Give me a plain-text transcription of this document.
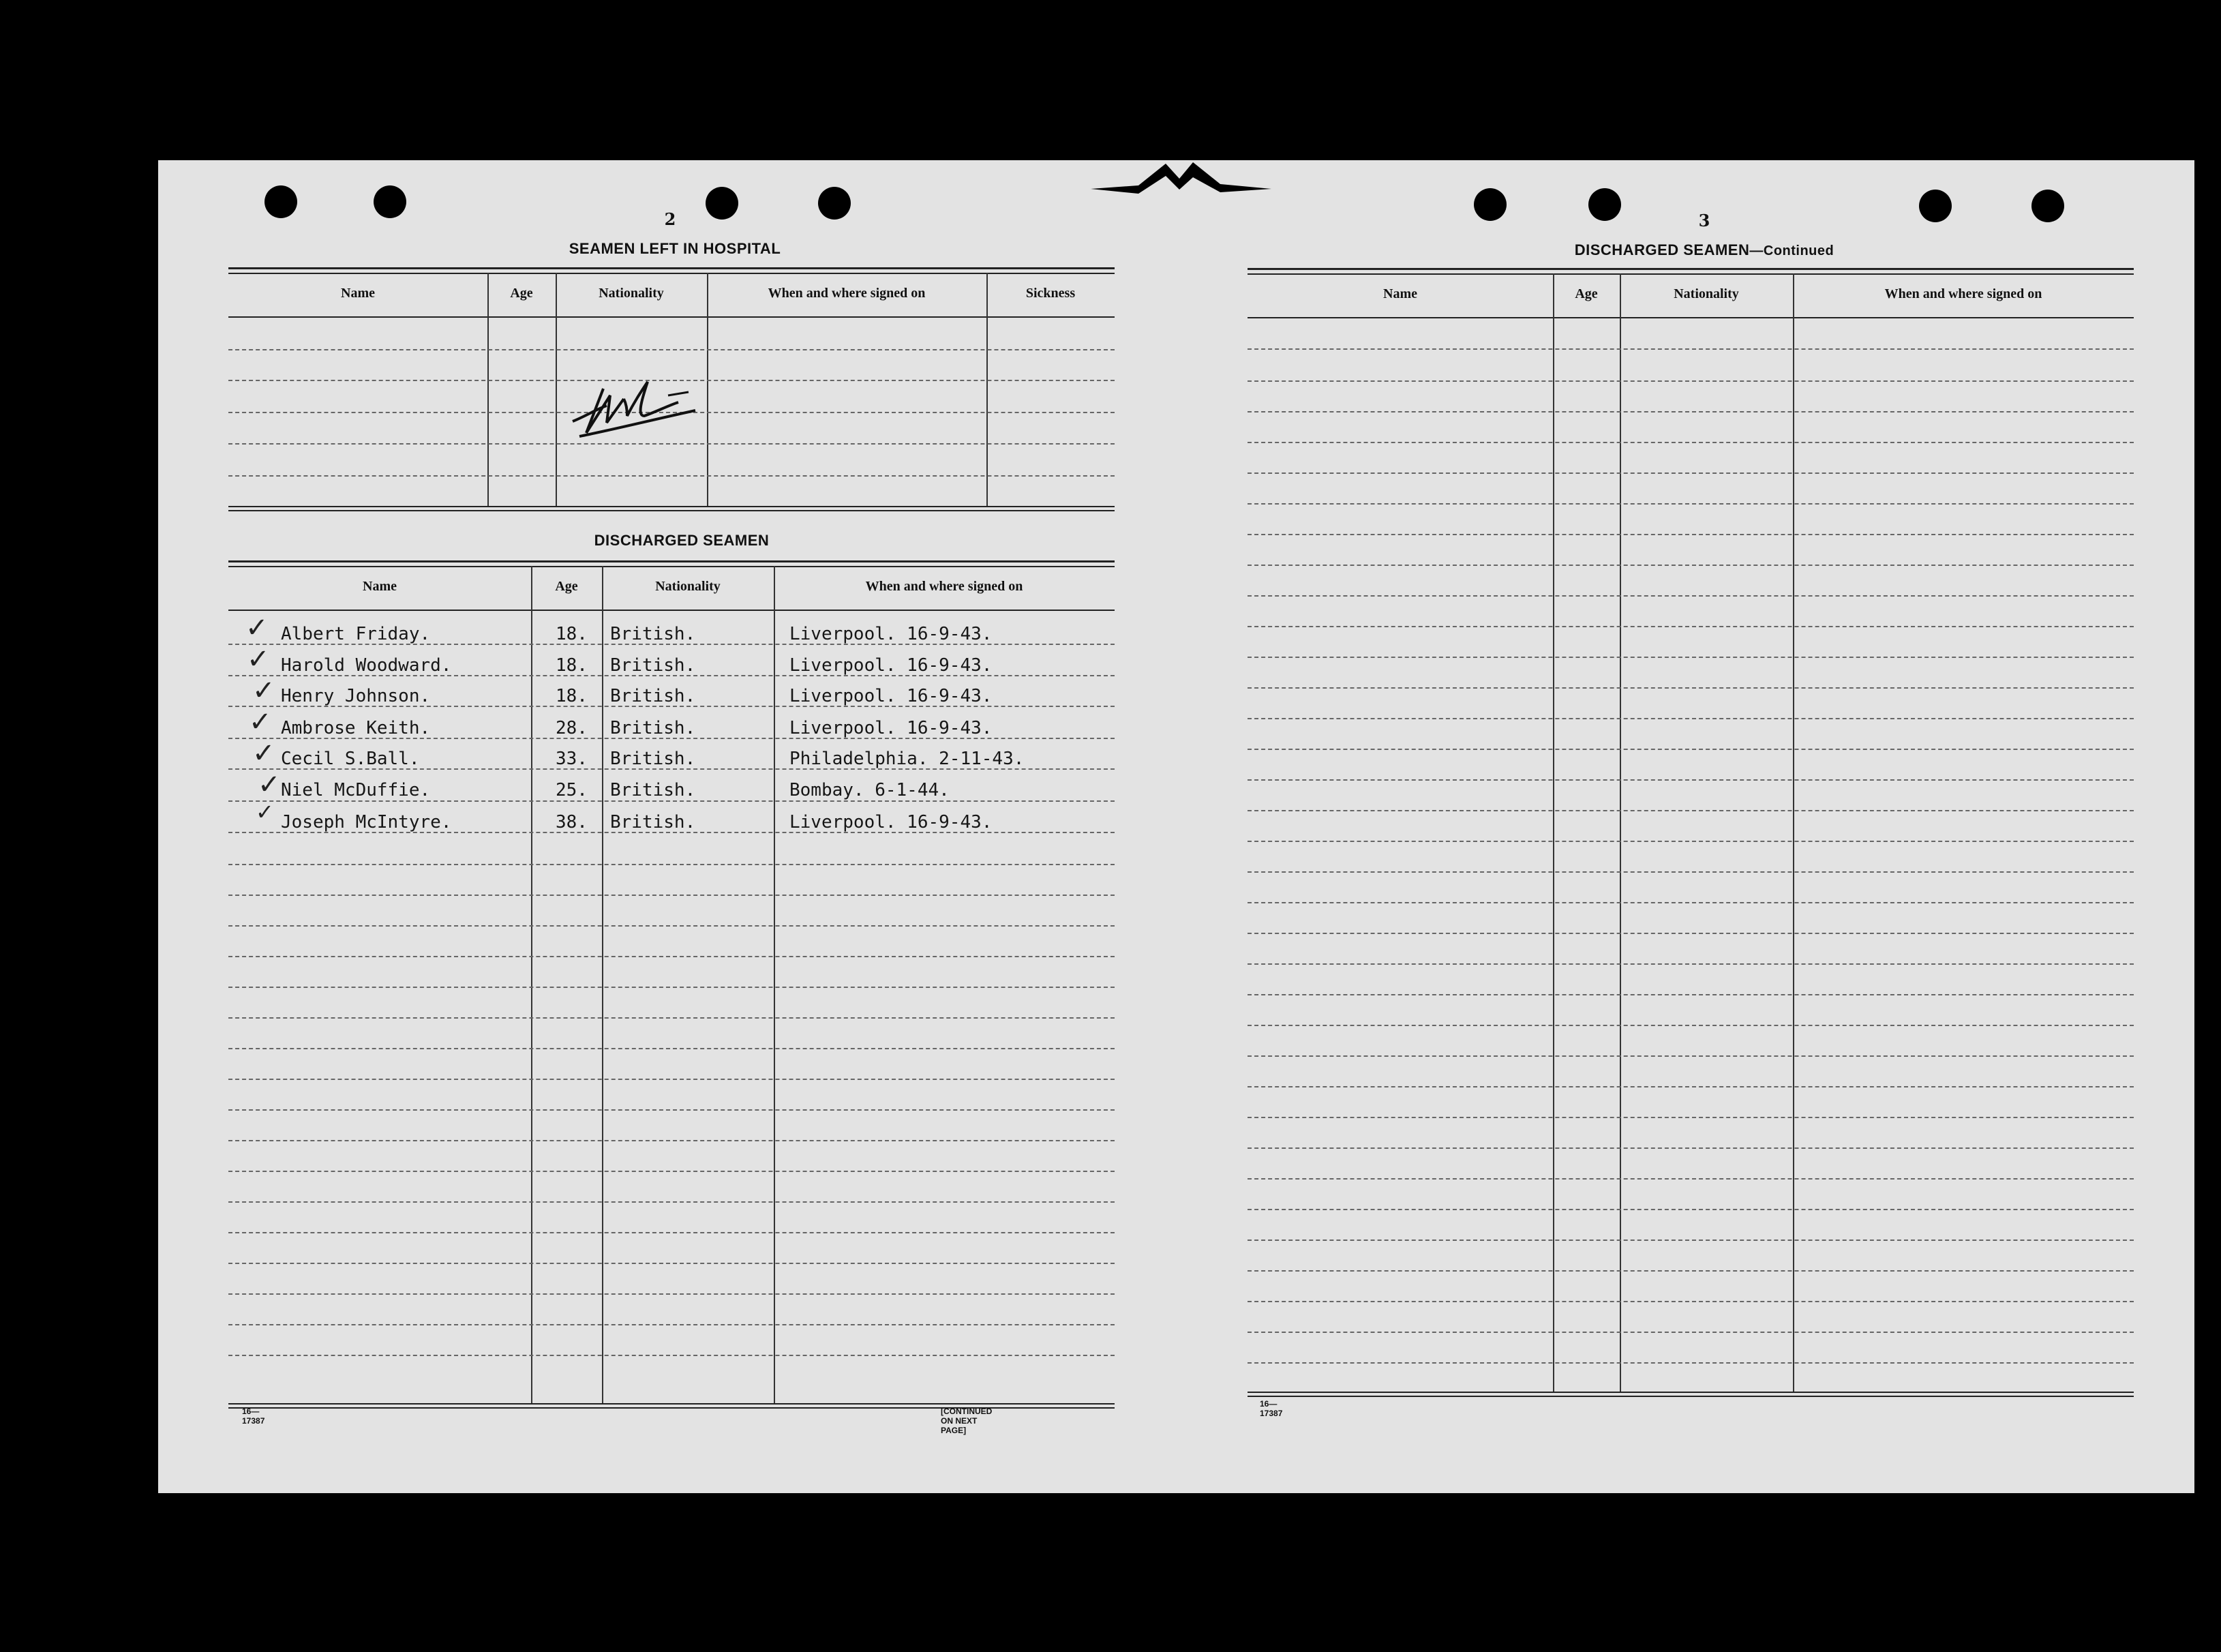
2
SEAMEN LEFT IN HOSPITAL
Name	Age	Nationality	When and where signed on	Sickness
DISCHARGED SEAMEN
Name	Age	Nationality	When and where signed on
✓ Albert Friday.	18. British.	Liverpool. 16-9-43.
✓ Harold Woodward.	18. British.	Liverpool. 16-9-43.
✓ Henry Johnson.	18. British.	Liverpool. 16-9-43.
✓ Ambrose Keith.	28. British.	Liverpool. 16-9-43.
✓ Cecil S.Ball.	33. British.	Philadelphia. 2-11-43.
✓ Niel McDuffie.	25. British.	Bombay. 6-1-44.
✓ Joseph McIntyre.	38. British.	Liverpool. 16-9-43.
16—17387
[CONTINUED ON NEXT PAGE]
3
DISCHARGED SEAMEN—Continued
Name	Age	Nationality	When and where signed on
16—17387
